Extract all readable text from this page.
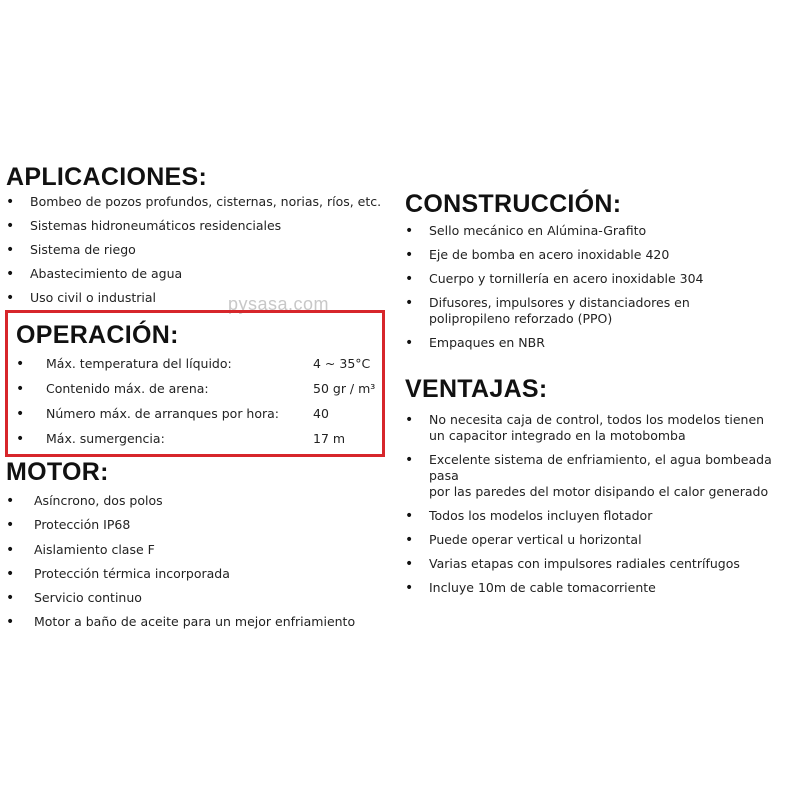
APLICACIONES:
• Bombeo de pozos profundos, cisternas, norias, ríos, etc.
• Sistemas hidroneumáticos residenciales
• Sistema de riego
• Abastecimiento de agua
• Uso civil o industrial	pysasa.com
OPERACIÓN:
• Máx. temperatura del líquido:	4 ~ 35°C
• Contenido máx. de arena:	50 gr / m³
• Número máx. de arranques por hora:	40
• Máx. sumergencia:	17 m
MOTOR:
• Asíncrono, dos polos
• Protección IP68
• Aislamiento clase F
• Protección térmica incorporada
• Servicio continuo
• Motor a baño de aceite para un mejor enfriamiento
CONSTRUCCIÓN:
• Sello mecánico en Alúmina-Grafito
• Eje de bomba en acero inoxidable 420
• Cuerpo y tornillería en acero inoxidable 304
• Difusores, impulsores y distanciadores en
polipropileno reforzado (PPO)
• Empaques en NBR
VENTAJAS:
• No necesita caja de control, todos los modelos tienen
un capacitor integrado en la motobomba
• Excelente sistema de enfriamiento, el agua bombeada pasa
por las paredes del motor disipando el calor generado
• Todos los modelos incluyen flotador
• Puede operar vertical u horizontal
• Varias etapas con impulsores radiales centrífugos
• Incluye 10m de cable tomacorriente
